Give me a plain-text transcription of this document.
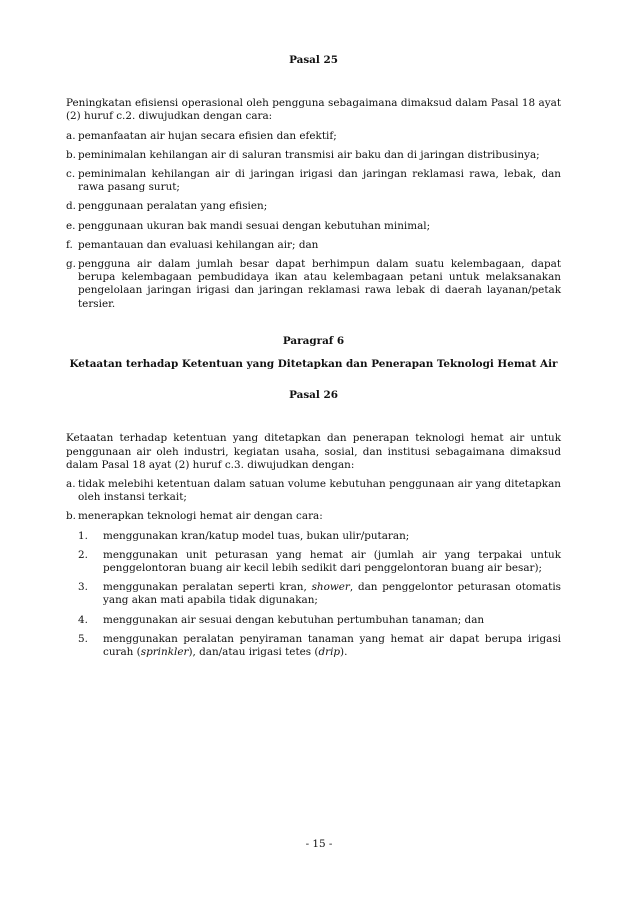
Pasal 25
Peningkatan efisiensi operasional oleh pengguna sebagaimana dimaksud dalam Pasal 18 ayat (2) huruf c.2. diwujudkan dengan cara:
a. pemanfaatan air hujan secara efisien dan efektif;
b. peminimalan kehilangan air di saluran transmisi air baku dan di jaringan distribusinya;
c. peminimalan kehilangan air di jaringan irigasi dan jaringan reklamasi rawa, lebak, dan rawa pasang surut;
d. penggunaan peralatan yang efisien;
e. penggunaan ukuran bak mandi sesuai dengan kebutuhan minimal;
f. pemantauan dan evaluasi kehilangan air; dan
g. pengguna air dalam jumlah besar dapat berhimpun dalam suatu kelembagaan, dapat berupa kelembagaan pembudidaya ikan atau kelembagaan petani untuk melaksanakan pengelolaan jaringan irigasi dan jaringan reklamasi rawa lebak di daerah layanan/petak tersier.
Paragraf 6
Ketaatan terhadap Ketentuan yang Ditetapkan dan Penerapan Teknologi Hemat Air
Pasal 26
Ketaatan terhadap ketentuan yang ditetapkan dan penerapan teknologi hemat air untuk penggunaan air oleh industri, kegiatan usaha, sosial, dan institusi sebagaimana dimaksud dalam Pasal 18 ayat (2) huruf c.3. diwujudkan dengan:
a. tidak melebihi ketentuan dalam satuan volume kebutuhan penggunaan air yang ditetapkan oleh instansi terkait;
b. menerapkan teknologi hemat air dengan cara:
1.	menggunakan kran/katup model tuas, bukan ulir/putaran;
2.	menggunakan unit peturasan yang hemat air (jumlah air yang terpakai untuk penggelontoran buang air kecil lebih sedikit dari penggelontoran buang air besar);
3.	menggunakan peralatan seperti kran, shower, dan penggelontor peturasan otomatis yang akan mati apabila tidak digunakan;
4.	menggunakan air sesuai dengan kebutuhan pertumbuhan tanaman; dan
5.	menggunakan peralatan penyiraman tanaman yang hemat air dapat berupa irigasi curah (sprinkler), dan/atau irigasi tetes (drip).
- 15 -
